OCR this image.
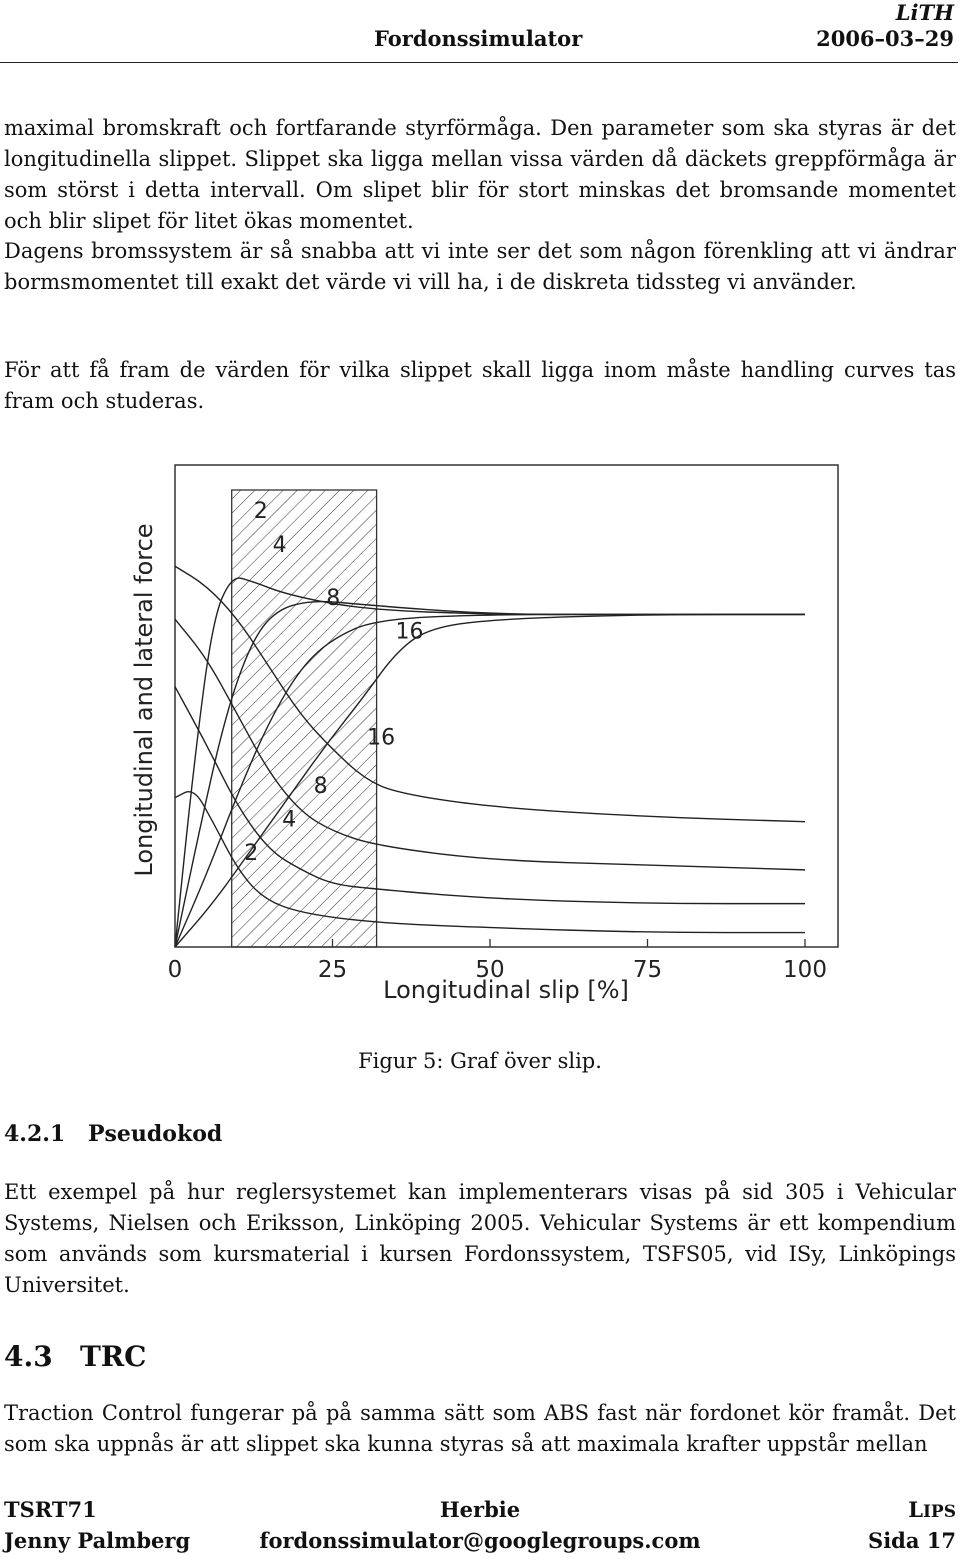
LiTH
Fordonssimulator	2006–03–29

maximal bromskraft och fortfarande styrförmåga. Den parameter som ska styras är det longitudinella slippet. Slippet ska ligga mellan vissa värden då däckets greppförmåga är som störst i detta intervall. Om slipet blir för stort minskas det bromsande momentet och blir slipet för litet ökas momentet.

Dagens bromssystem är så snabba att vi inte ser det som någon förenkling att vi ändrar bormsmomentet till exakt det värde vi vill ha, i de diskreta tidssteg vi använder.

För att få fram de värden för vilka slippet skall ligga inom måste handling curves tas fram och studeras.

2
4
8
16
16
8
4
2
0	25	50	75	100
Longitudinal slip [%]
Longitudinal and lateral force
Figur 5: Graf över slip.
4.2.1 Pseudokod

Ett exempel på hur reglersystemet kan implementerars visas på sid 305 i Vehicular Systems, Nielsen och Eriksson, Linköping 2005. Vehicular Systems är ett kompendium som används som kursmaterial i kursen Fordonssystem, TSFS05, vid ISy, Linköpings Universitet.

4.3 TRC

Traction Control fungerar på på samma sätt som ABS fast när fordonet kör framåt. Det som ska uppnås är att slippet ska kunna styras så att maximala krafter uppstår mellan

TSRT71	Herbie	LIPS
Jenny Palmberg	fordonssimulator@googlegroups.com	Sida 17
